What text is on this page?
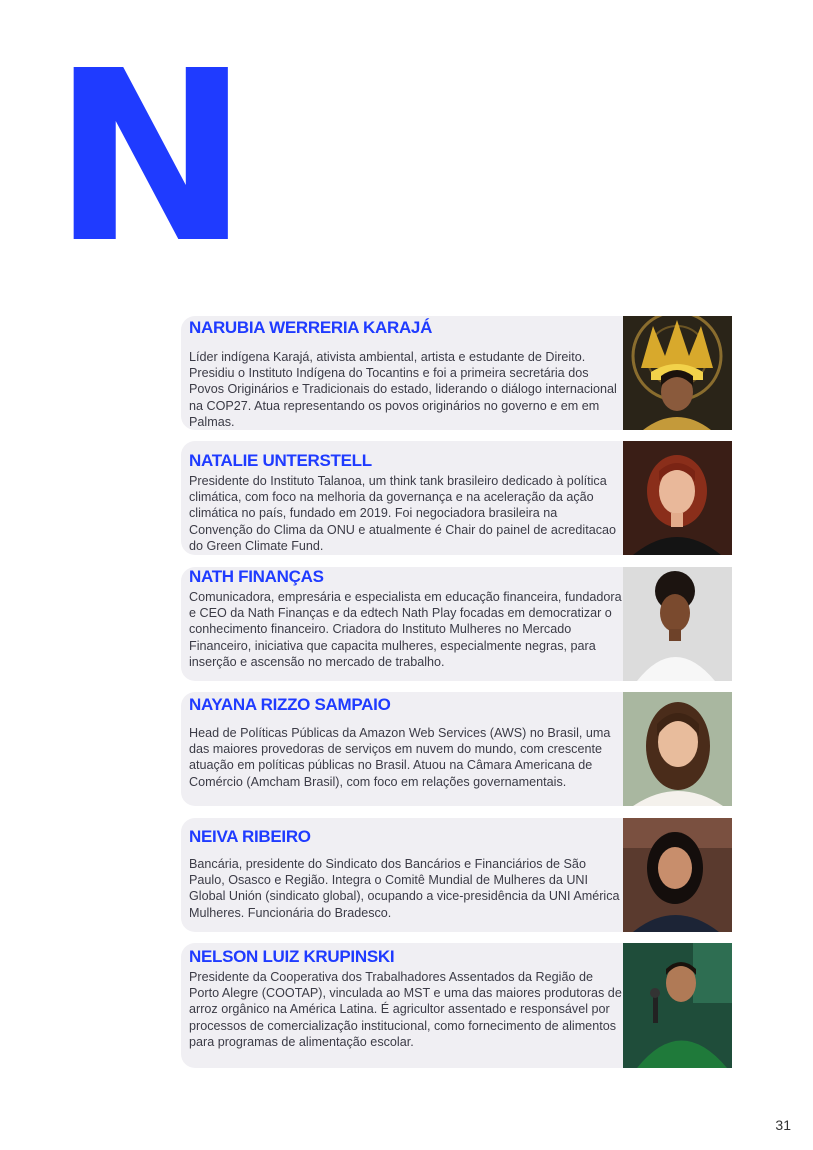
N
NARUBIA WERRERIA KARAJÁ

Líder indígena Karajá, ativista ambiental, artista e estudante de Direito. Presidiu o Instituto Indígena do Tocantins e foi a primeira secretária dos Povos Originários e Tradicionais do estado, liderando o diálogo internacional na COP27. Atua representando os povos originários no governo e em em Palmas.

NATALIE UNTERSTELL

Presidente do Instituto Talanoa, um think tank brasileiro dedicado à política climática, com foco na melhoria da governança e na aceleração da ação climática no país, fundado em 2019. Foi negociadora brasileira na Convenção do Clima da ONU e atualmente é Chair do painel de acreditacao do Green Climate Fund.

NATH FINANÇAS

Comunicadora, empresária e especialista em educação financeira, fundadora e CEO da Nath Finanças e da edtech Nath Play focadas em democratizar o conhecimento financeiro. Criadora do Instituto Mulheres no Mercado Financeiro, iniciativa que capacita mulheres, especialmente negras, para inserção e ascensão no mercado de trabalho.

NAYANA RIZZO SAMPAIO

Head de Políticas Públicas da Amazon Web Services (AWS) no Brasil, uma das maiores provedoras de serviços em nuvem do mundo, com crescente atuação em políticas públicas no Brasil. Atuou na Câmara Americana de Comércio (Amcham Brasil), com foco em relações governamentais.

NEIVA RIBEIRO

Bancária, presidente do Sindicato dos Bancários e Financiários de São Paulo, Osasco e Região. Integra o Comitê Mundial de Mulheres da UNI Global Unión (sindicato global), ocupando a vice-presidência da UNI América Mulheres. Funcionária do Bradesco.

NELSON LUIZ KRUPINSKI

Presidente da Cooperativa dos Trabalhadores Assentados da Região de Porto Alegre (COOTAP), vinculada ao MST e uma das maiores produtoras de arroz orgânico na América Latina. É agricultor assentado e responsável por processos de comercialização institucional, como fornecimento de alimentos para programas de alimentação escolar.

31
